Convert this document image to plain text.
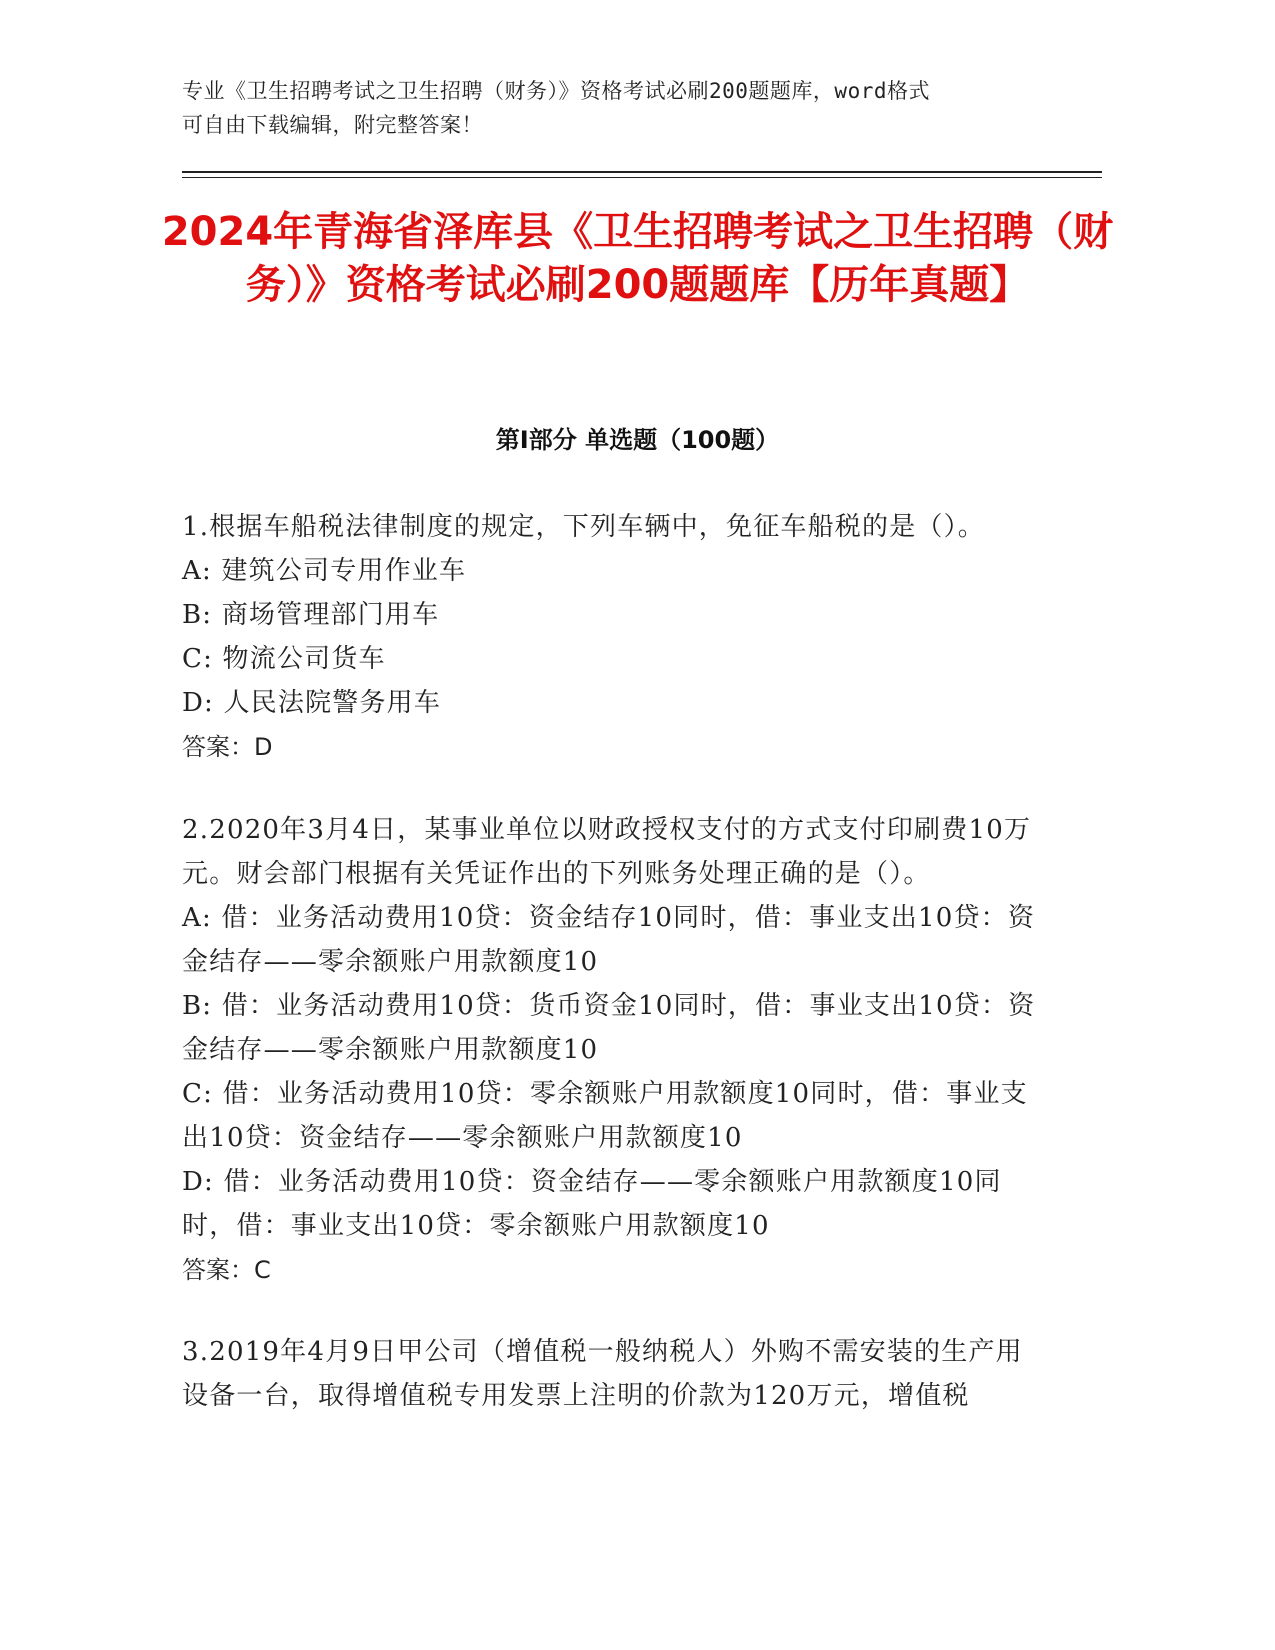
专业《卫生招聘考试之卫生招聘（财务）》资格考试必刷200题题库，word格式
可自由下载编辑，附完整答案！
2024年青海省泽库县《卫生招聘考试之卫生招聘（财务）》资格考试必刷200题题库【历年真题】
第Ⅰ部分 单选题（100题）

1.根据车船税法律制度的规定，下列车辆中，免征车船税的是（）。

A: 建筑公司专用作业车

B: 商场管理部门用车

C: 物流公司货车

D: 人民法院警务用车

答案：D

2.2020年3月4日，某事业单位以财政授权支付的方式支付印刷费10万元。财会部门根据有关凭证作出的下列账务处理正确的是（）。

A: 借：业务活动费用10贷：资金结存10同时，借：事业支出10贷：资金结存——零余额账户用款额度10

B: 借：业务活动费用10贷：货币资金10同时，借：事业支出10贷：资金结存——零余额账户用款额度10

C: 借：业务活动费用10贷：零余额账户用款额度10同时，借：事业支出10贷：资金结存——零余额账户用款额度10

D: 借：业务活动费用10贷：资金结存——零余额账户用款额度10同时，借：事业支出10贷：零余额账户用款额度10

答案：C

3.2019年4月9日甲公司（增值税一般纳税人）外购不需安装的生产用设备一台，取得增值税专用发票上注明的价款为120万元，增值税
